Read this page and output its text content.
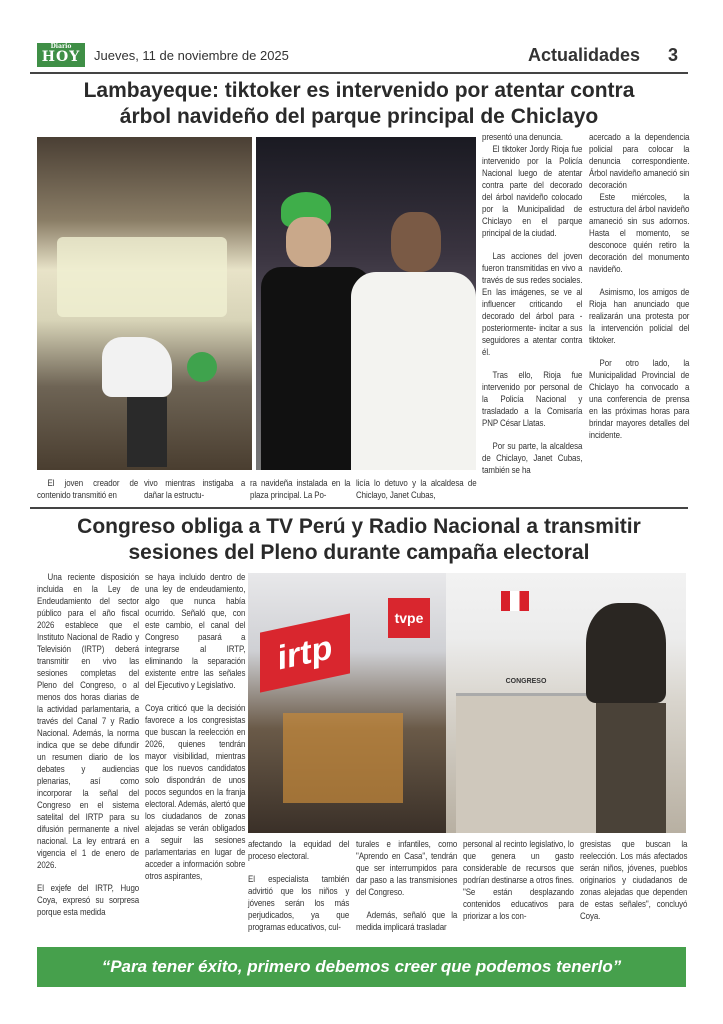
Diario
HOY	Jueves, 11 de noviembre de 2025	Actualidades 3
Lambayeque: tiktoker es intervenido por atentar contra
árbol navideño del parque principal de Chiclayo

presentó una denuncia.

El tiktoker Jordy Rioja fue intervenido por la Policía Nacional luego de atentar contra parte del decorado del árbol navideño colocado por la Municipalidad de Chiclayo en el parque principal de la ciudad.

Las acciones del joven fueron transmitidas en vivo a través de sus redes sociales. En las imágenes, se ve al influencer criticando el decorado del árbol para -posteriormente- incitar a sus seguidores a atentar contra él.

Tras ello, Rioja fue intervenido por personal de la Policía Nacional y trasladado a la Comisaría PNP César Llatas.

Por su parte, la alcaldesa de Chiclayo, Janet Cubas, también se ha

acercado a la dependencia policial para colocar la denuncia correspondiente. Árbol navideño amaneció sin decoración

Este miércoles, la estructura del árbol navideño amaneció sin sus adornos. Hasta el momento, se desconoce quién retiro la decoración del monumento navideño.

Asimismo, los amigos de Rioja han anunciado que realizarán una protesta por la intervención policial del tiktoker.

Por otro lado, la Municipalidad Provincial de Chiclayo ha convocado a una conferencia de prensa en las próximas horas para brindar mayores detalles del incidente.

El joven creador de contenido transmitió en

vivo mientras instigaba a dañar la estructu-

ra navideña instalada en la plaza principal. La Po-

licía lo detuvo y la alcaldesa de Chiclayo, Janet Cubas,

Congreso obliga a TV Perú y Radio Nacional a transmitir
sesiones del Pleno durante campaña electoral

Una reciente disposición incluida en la Ley de Endeudamiento del sector público para el año fiscal 2026 establece que el Instituto Nacional de Radio y Televisión (IRTP) deberá transmitir en vivo las sesiones completas del Pleno del Congreso, o al menos dos horas diarias de la actividad parlamentaria, a través del Canal 7 y Radio Nacional. Además, la norma indica que se debe difundir un resumen diario de los debates y audiencias plenarias, así como incorporar la señal del Congreso en el sistema satelital del IRTP para su difusión permanente a nivel nacional. La ley entrará en vigencia el 1 de enero de 2026.

El exjefe del IRTP, Hugo Coya, expresó su sorpresa porque esta medida

se haya incluido dentro de una ley de endeudamiento, algo que nunca había ocurrido. Señaló que, con este cambio, el canal del Congreso pasará a integrarse al IRTP, eliminando la separación existente entre las señales del Ejecutivo y Legislativo.

Coya criticó que la decisión favorece a los congresistas que buscan la reelección en 2026, quienes tendrán mayor visibilidad, mientras que los nuevos candidatos solo dispondrán de unos pocos segundos en la franja electoral. Además, alertó que los ciudadanos de zonas alejadas se verán obligados a seguir las sesiones parlamentarias en lugar de acceder a información sobre otros aspirantes,

irtp
tvpe
CONGRESO

afectando la equidad del proceso electoral.

El especialista también advirtió que los niños y jóvenes serán los más perjudicados, ya que programas educativos, cul-

turales e infantiles, como "Aprendo en Casa", tendrán que ser interrumpidos para dar paso a las transmisiones del Congreso.

Además, señaló que la medida implicará trasladar

personal al recinto legislativo, lo que genera un gasto considerable de recursos que podrían destinarse a otros fines. "Se están desplazando contenidos educativos para priorizar a los con-

gresistas que buscan la reelección. Los más afectados serán niños, jóvenes, pueblos originarios y ciudadanos de zonas alejadas que dependen de estas señales", concluyó Coya.

“Para tener éxito, primero debemos creer que podemos tenerlo”
